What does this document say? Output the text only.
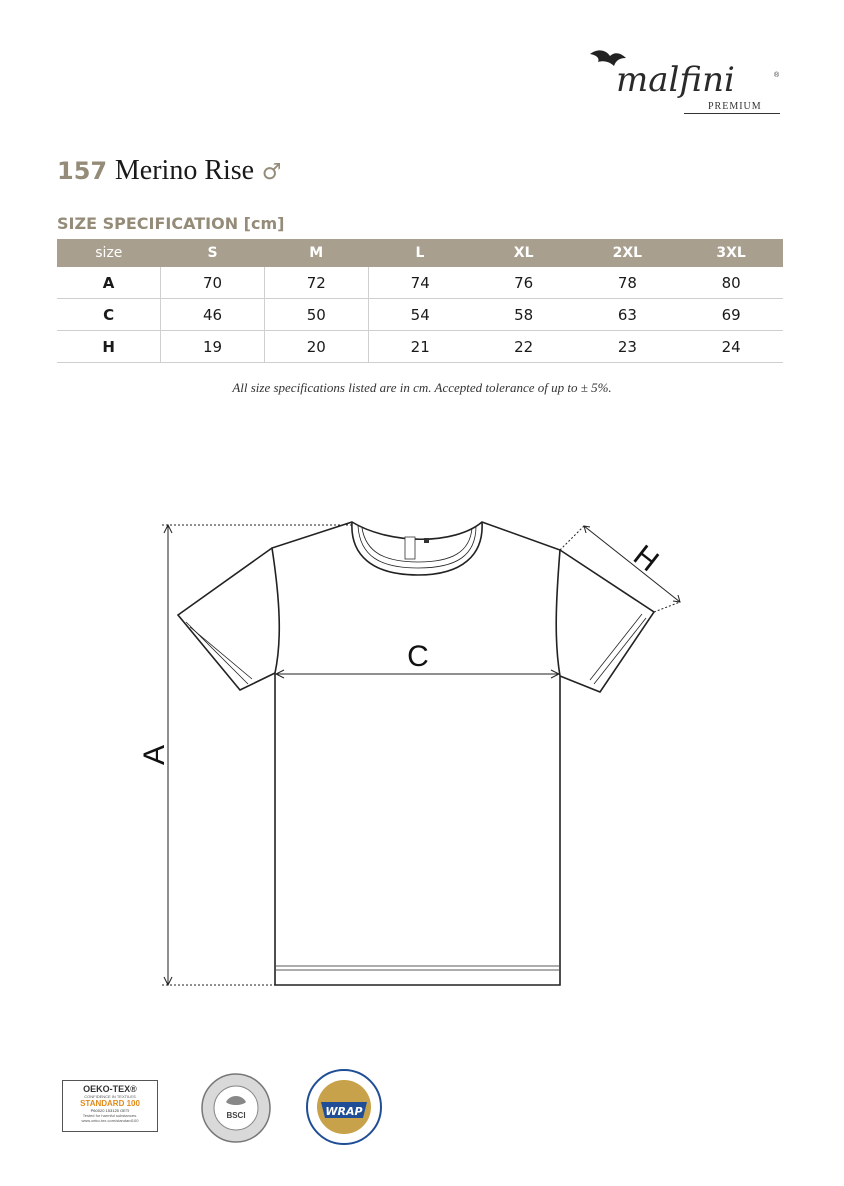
malfini	®
PREMIUM
157 Merino Rise ♂
SIZE SPECIFICATION [cm]
size	S	M	L	XL	2XL	3XL
A	70	72	74	76	78	80
C	46	50	54	58	63	69
H	19	20	21	22	23	24
All size specifications listed are in cm. Accepted tolerance of up to ± 5%.
A
C
H
OEKO-TEX®
CONFIDENCE IN TEXTILES
STANDARD 100
P60020 153125 OETI
Tested for harmful substances.
www.oeko-tex.com/standard100
BSCI	WRAP
